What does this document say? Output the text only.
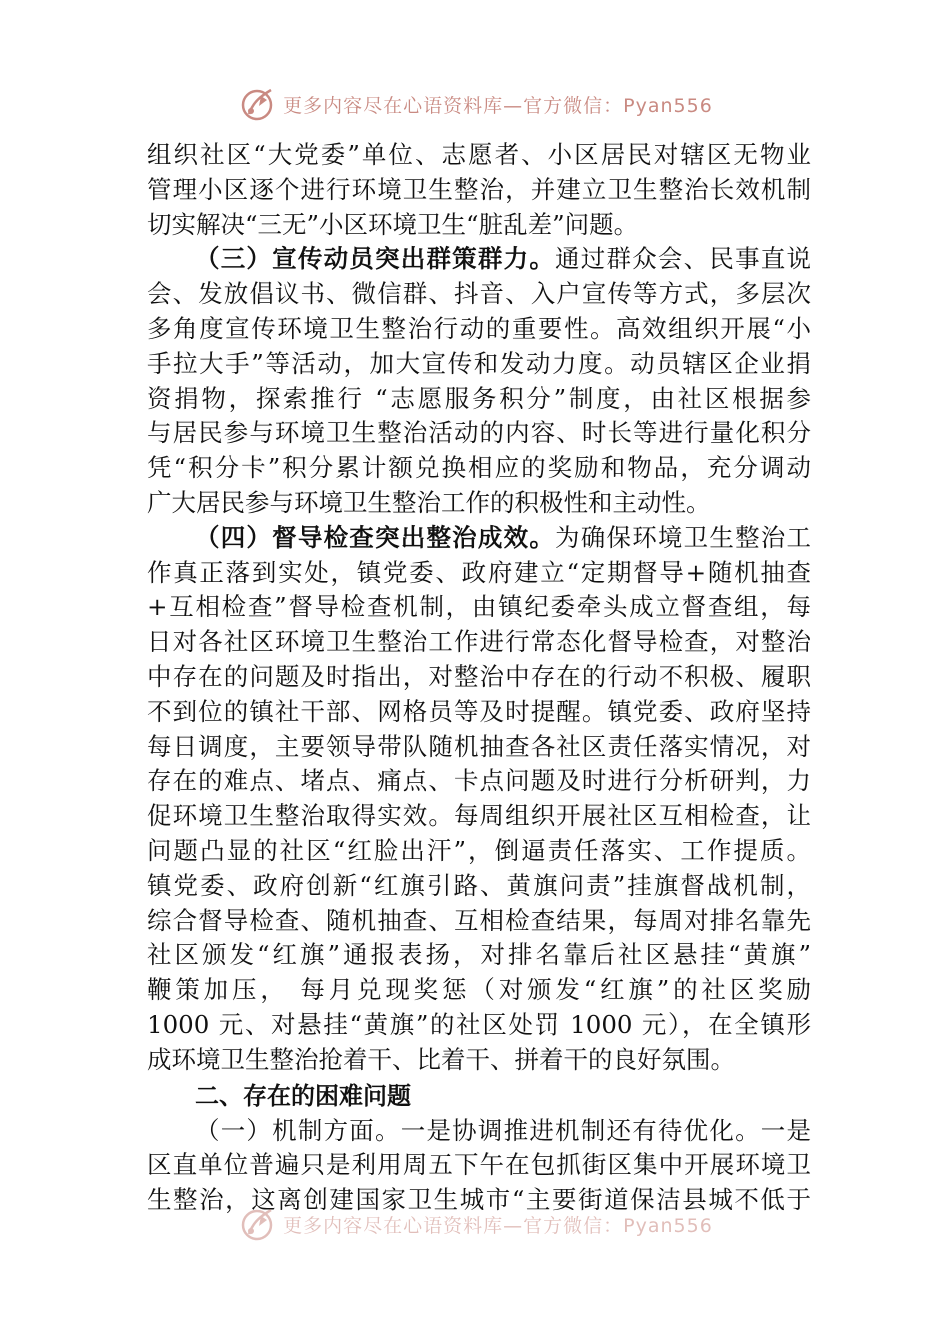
更多内容尽在心语资料库—官方微信：Pyan556
组织社区“大党委”单位、志愿者、小区居民对辖区无物业
管理小区逐个进行环境卫生整治，并建立卫生整治长效机制
切实解决“三无”小区环境卫生“脏乱差”问题。
（三）宣传动员突出群策群力。通过群众会、民事直说
会、发放倡议书、微信群、抖音、入户宣传等方式，多层次
多角度宣传环境卫生整治行动的重要性。高效组织开展“小
手拉大手”等活动，加大宣传和发动力度。动员辖区企业捐
资捐物，探索推行 “志愿服务积分”制度，由社区根据参
与居民参与环境卫生整治活动的内容、时长等进行量化积分
凭“积分卡”积分累计额兑换相应的奖励和物品，充分调动
广大居民参与环境卫生整治工作的积极性和主动性。
（四）督导检查突出整治成效。为确保环境卫生整治工
作真正落到实处，镇党委、政府建立“定期督导+随机抽查
+互相检查”督导检查机制，由镇纪委牵头成立督查组，每
日对各社区环境卫生整治工作进行常态化督导检查，对整治
中存在的问题及时指出，对整治中存在的行动不积极、履职
不到位的镇社干部、网格员等及时提醒。镇党委、政府坚持
每日调度，主要领导带队随机抽查各社区责任落实情况，对
存在的难点、堵点、痛点、卡点问题及时进行分析研判，力
促环境卫生整治取得实效。每周组织开展社区互相检查，让
问题凸显的社区“红脸出汗”，倒逼责任落实、工作提质。
镇党委、政府创新“红旗引路、黄旗问责”挂旗督战机制，
综合督导检查、随机抽查、互相检查结果，每周对排名靠先
社区颁发“红旗”通报表扬，对排名靠后社区悬挂“黄旗”
鞭策加压， 每月兑现奖惩（对颁发“红旗”的社区奖励
1000 元、对悬挂“黄旗”的社区处罚 1000 元），在全镇形
成环境卫生整治抢着干、比着干、拼着干的良好氛围。
二、存在的困难问题
（一）机制方面。一是协调推进机制还有待优化。一是
区直单位普遍只是利用周五下午在包抓街区集中开展环境卫
生整治，这离创建国家卫生城市“主要街道保洁县城不低于
更多内容尽在心语资料库—官方微信：Pyan556
